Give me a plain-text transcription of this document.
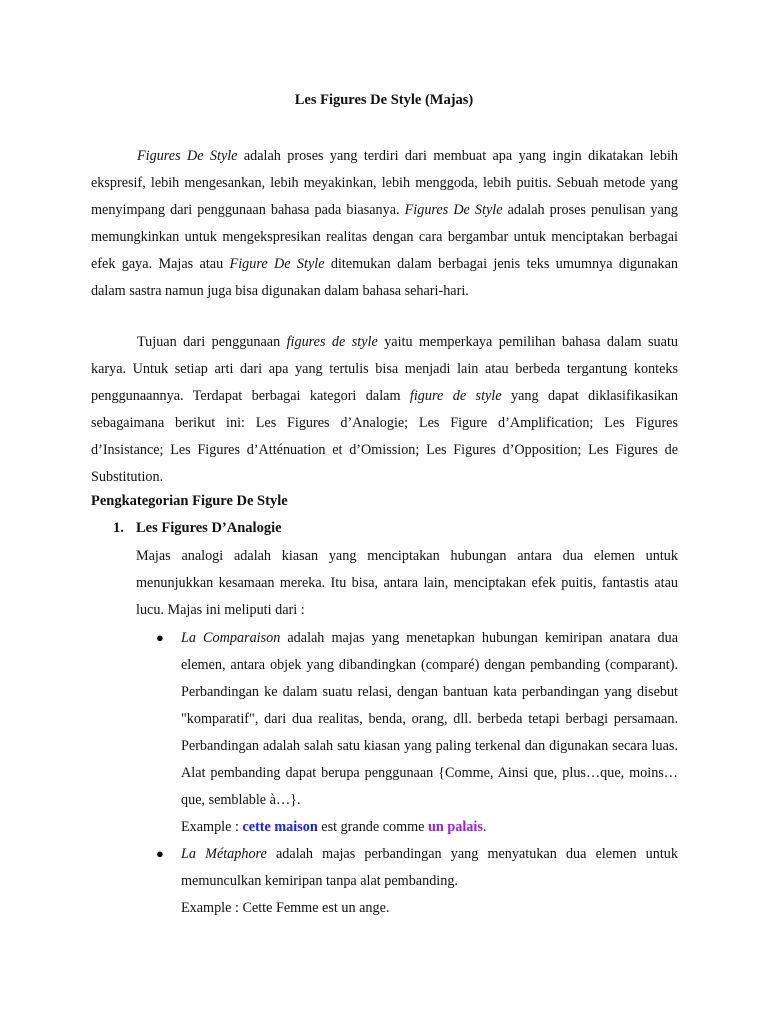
Les Figures De Style (Majas)
Figures De Style adalah proses yang terdiri dari membuat apa yang ingin dikatakan lebih ekspresif, lebih mengesankan, lebih meyakinkan, lebih menggoda, lebih puitis. Sebuah metode yang menyimpang dari penggunaan bahasa pada biasanya. Figures De Style adalah proses penulisan yang memungkinkan untuk mengekspresikan realitas dengan cara bergambar untuk menciptakan berbagai efek gaya. Majas atau Figure De Style ditemukan dalam berbagai jenis teks umumnya digunakan dalam sastra namun juga bisa digunakan dalam bahasa sehari-hari.
Tujuan dari penggunaan figures de style yaitu memperkaya pemilihan bahasa dalam suatu karya. Untuk setiap arti dari apa yang tertulis bisa menjadi lain atau berbeda tergantung konteks penggunaannya. Terdapat berbagai kategori dalam figure de style yang dapat diklasifikasikan sebagaimana berikut ini: Les Figures d’Analogie; Les Figure d’Amplification; Les Figures d’Insistance; Les Figures d’Atténuation et d’Omission; Les Figures d’Opposition; Les Figures de Substitution.
Pengkategorian Figure De Style
1. Les Figures D’Analogie
Majas analogi adalah kiasan yang menciptakan hubungan antara dua elemen untuk menunjukkan kesamaan mereka. Itu bisa, antara lain, menciptakan efek puitis, fantastis atau lucu. Majas ini meliputi dari :
● La Comparaison adalah majas yang menetapkan hubungan kemiripan anatara dua elemen, antara objek yang dibandingkan (comparé) dengan pembanding (comparant). Perbandingan ke dalam suatu relasi, dengan bantuan kata perbandingan yang disebut "komparatif", dari dua realitas, benda, orang, dll. berbeda tetapi berbagi persamaan. Perbandingan adalah salah satu kiasan yang paling terkenal dan digunakan secara luas. Alat pembanding dapat berupa penggunaan {Comme, Ainsi que, plus…que, moins…que, semblable à…}.
Example : cette maison est grande comme un palais.
● La Métaphore adalah majas perbandingan yang menyatukan dua elemen untuk memunculkan kemiripan tanpa alat pembanding.
Example : Cette Femme est un ange.
